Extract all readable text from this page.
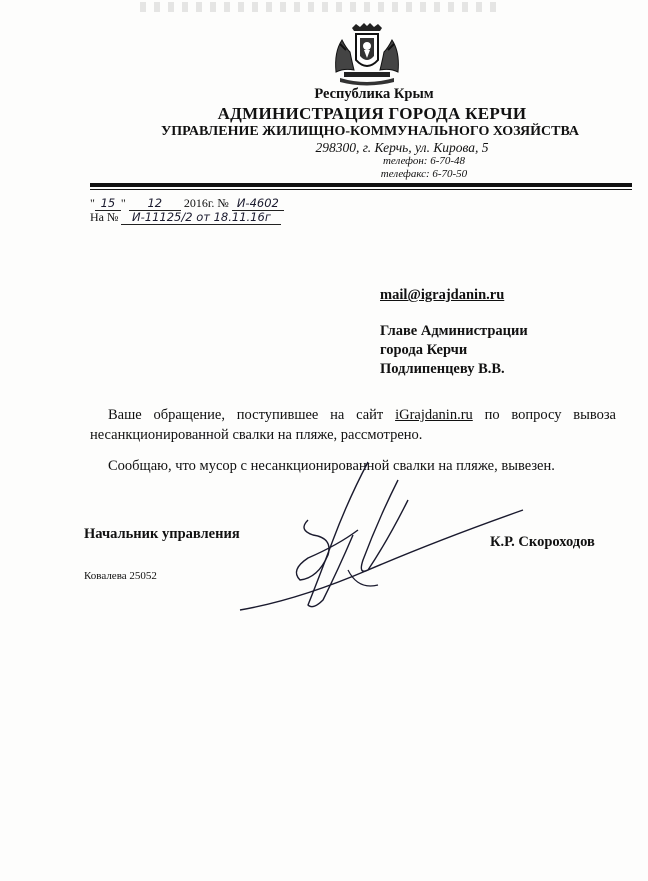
Республика Крым
АДМИНИСТРАЦИЯ ГОРОДА КЕРЧИ
УПРАВЛЕНИЕ ЖИЛИЩНО-КОММУНАЛЬНОГО ХОЗЯЙСТВА
298300, г. Керчь, ул. Кирова, 5
телефон: 6-70-48
телефакс: 6-70-50
" 15 " 12 2016г. № И-4602
На № И-11125/2 от 18.11.16г
mail@igrajdanin.ru
Главе Администрации
города Керчи
Подлипенцеву В.В.
Ваше обращение, поступившее на сайт iGrajdanin.ru по вопросу вывоза несанкционированной свалки на пляже, рассмотрено.
Сообщаю, что мусор с несанкционированной свалки на пляже, вывезен.
Начальник управления	К.Р. Скороходов
Ковалева 25052
